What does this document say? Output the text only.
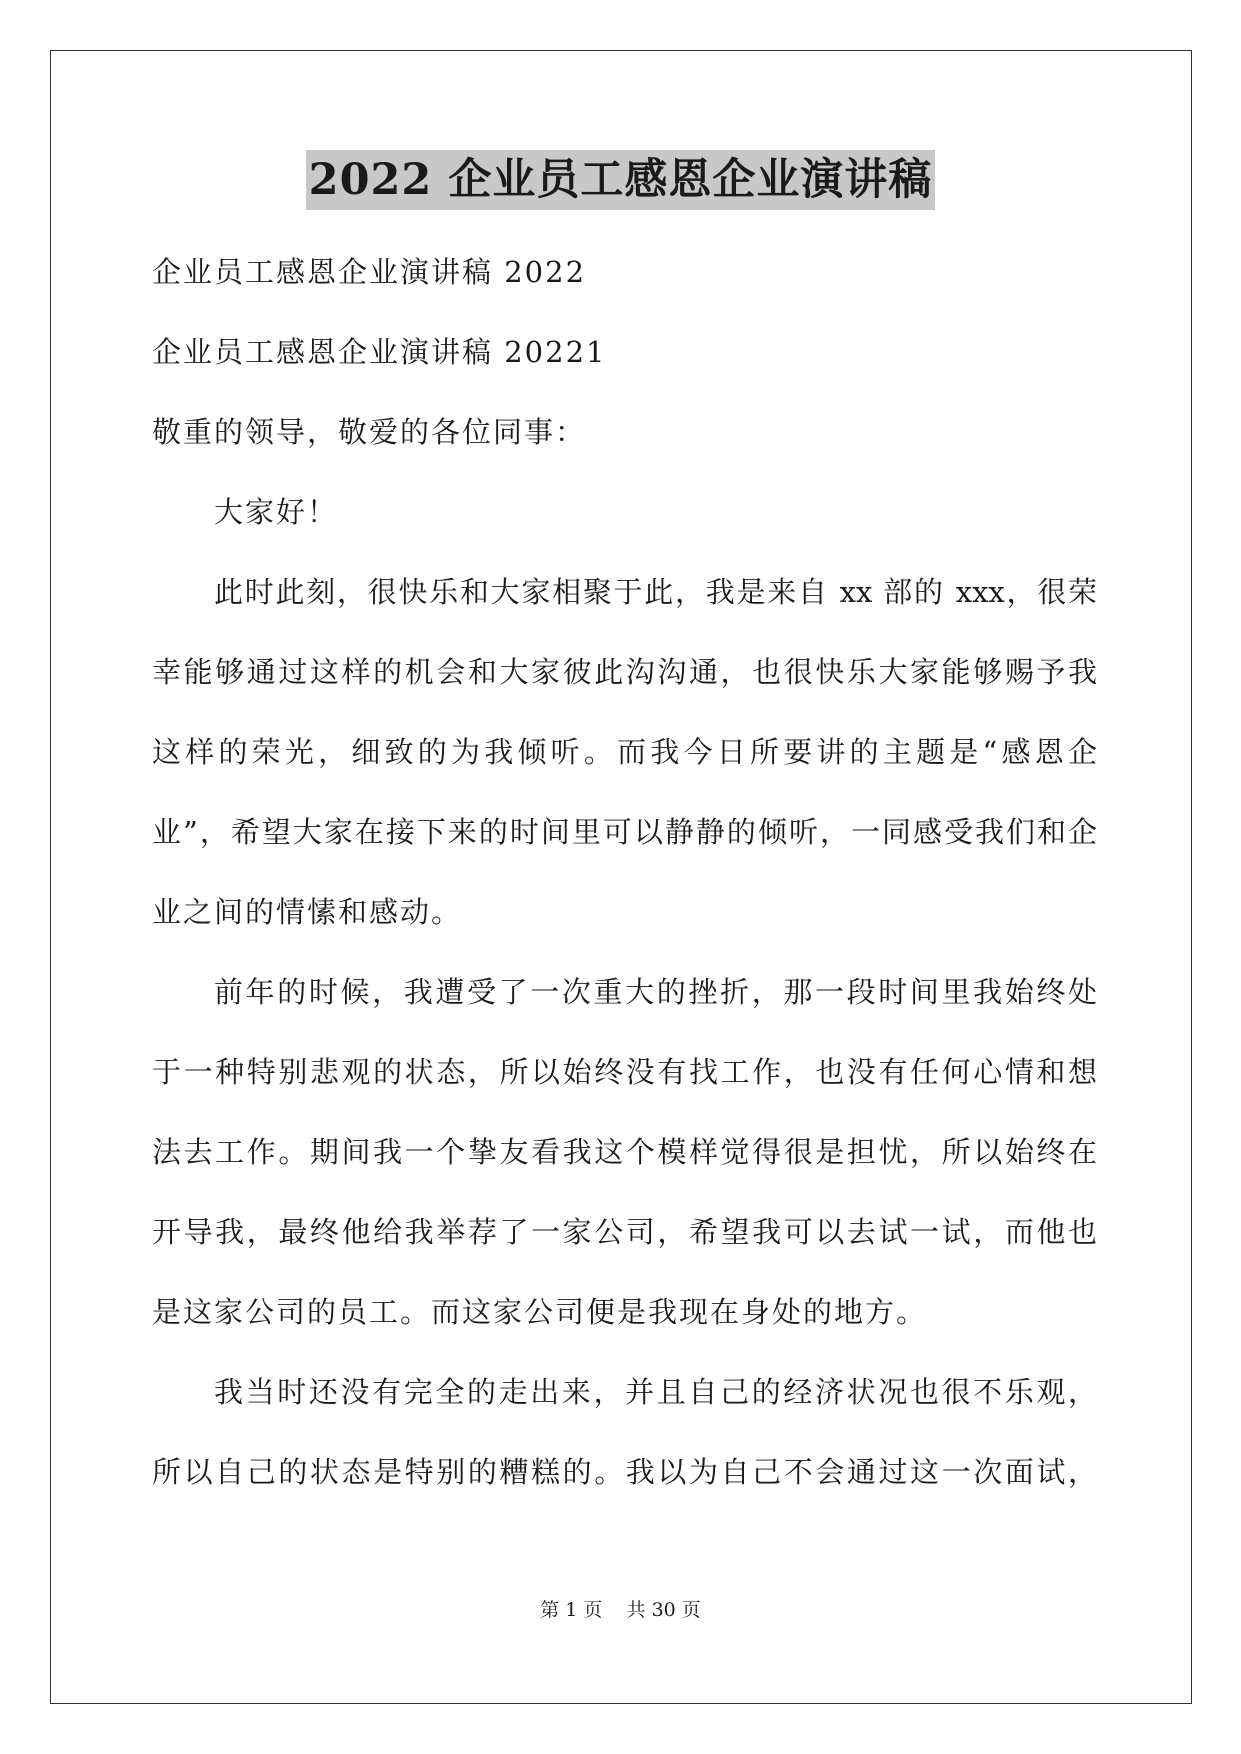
2022 企业员工感恩企业演讲稿
企业员工感恩企业演讲稿 2022
企业员工感恩企业演讲稿 20221
敬重的领导，敬爱的各位同事：
大家好！
此时此刻，很快乐和大家相聚于此，我是来自 xx 部的 xxx，很荣
幸能够通过这样的机会和大家彼此沟沟通，也很快乐大家能够赐予我
这样的荣光，细致的为我倾听。而我今日所要讲的主题是“感恩企
业”，希望大家在接下来的时间里可以静静的倾听，一同感受我们和企
业之间的情愫和感动。
前年的时候，我遭受了一次重大的挫折，那一段时间里我始终处
于一种特别悲观的状态，所以始终没有找工作，也没有任何心情和想
法去工作。期间我一个挚友看我这个模样觉得很是担忧，所以始终在
开导我，最终他给我举荐了一家公司，希望我可以去试一试，而他也
是这家公司的员工。而这家公司便是我现在身处的地方。
我当时还没有完全的走出来，并且自己的经济状况也很不乐观，
所以自己的状态是特别的糟糕的。我以为自己不会通过这一次面试，
第 1 页    共 30 页
